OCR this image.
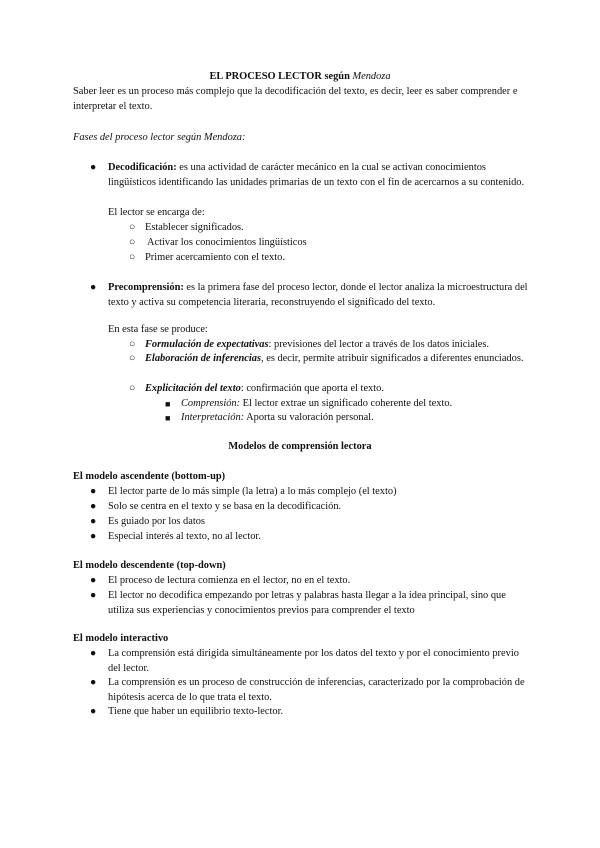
EL PROCESO LECTOR según Mendoza
Saber leer es un proceso más complejo que la decodificación del texto, es decir, leer es saber comprender e interpretar el texto.
Fases del proceso lector según Mendoza:
●	Decodificación: es una actividad de carácter mecánico en la cual se activan conocimientos lingüísticos identificando las unidades primarias de un texto con el fin de acercarnos a su contenido.
El lector se encarga de:
○ Establecer significados.
○ Activar los conocimientos lingüísticos
○ Primer acercamiento con el texto.
●	Precomprensión: es la primera fase del proceso lector, donde el lector analiza la microestructura del texto y activa su competencia literaria, reconstruyendo el significado del texto.
En esta fase se produce:
○ Formulación de expectativas: previsiones del lector a través de los datos iniciales.
○ Elaboración de inferencias, es decir, permite atribuir significados a diferentes enunciados.
○ Explicitación del texto: confirmación que aporta el texto.
■	Comprensión: El lector extrae un significado coherente del texto.
■	Interpretación: Aporta su valoración personal.
Modelos de comprensión lectora
El modelo ascendente (bottom-up)
●	El lector parte de lo más simple (la letra) a lo más complejo (el texto)
●	Solo se centra en el texto y se basa en la decodificación.
●	Es guiado por los datos
●	Especial interés al texto, no al lector.
El modelo descendente (top-down)
●	El proceso de lectura comienza en el lector, no en el texto.
●	El lector no decodifica empezando por letras y palabras hasta llegar a la idea principal, sino que utiliza sus experiencias y conocimientos previos para comprender el texto
El modelo interactivo
●	La comprensión está dirigida simultáneamente por los datos del texto y por el conocimiento previo del lector.
●	La comprensión es un proceso de construcción de inferencias, caracterizado por la comprobación de hipótesis acerca de lo que trata el texto.
●	Tiene que haber un equilibrio texto-lector.
